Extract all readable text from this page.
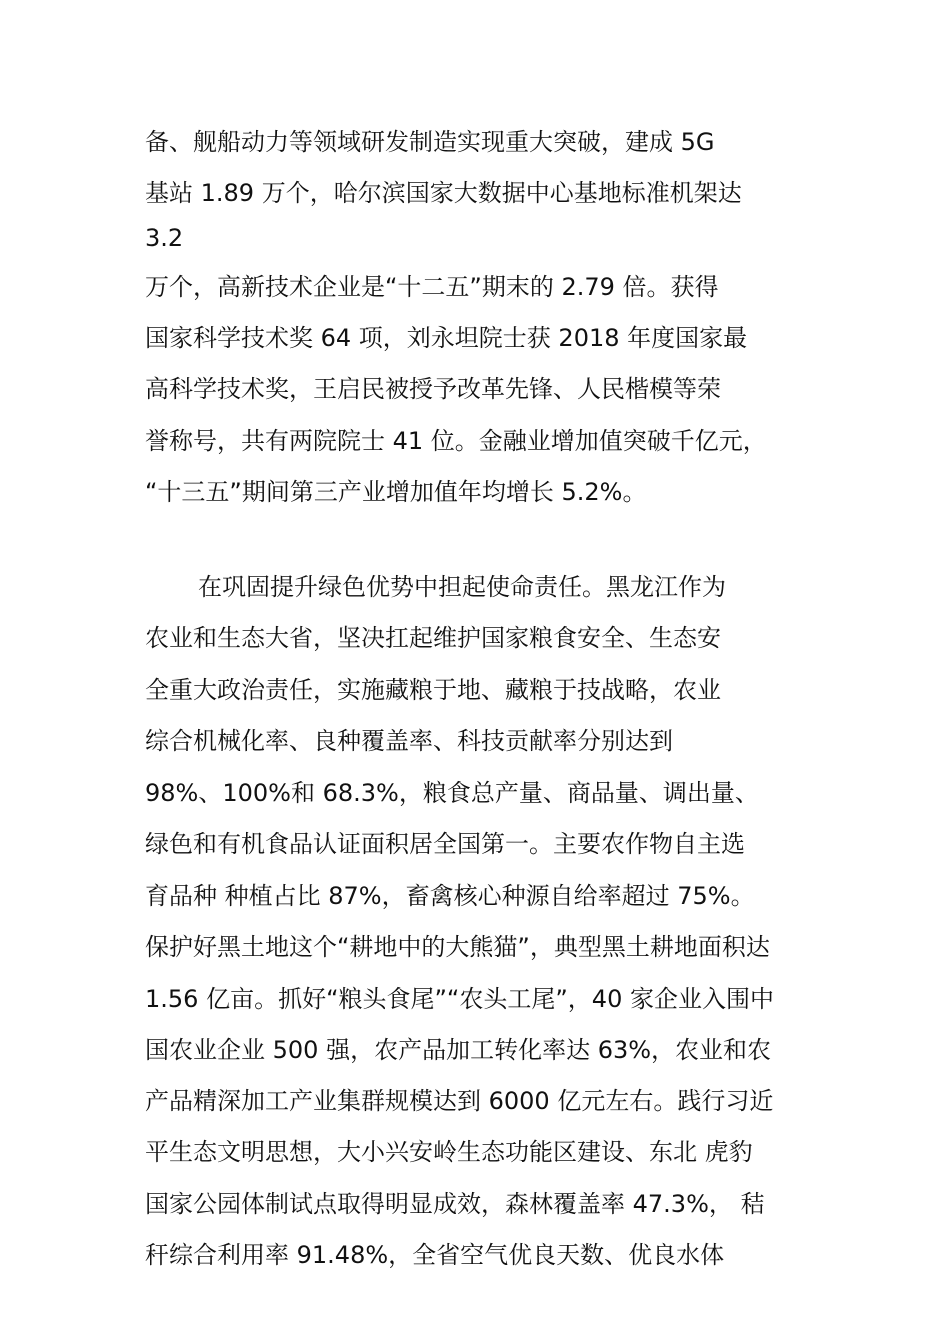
备、舰船动力等领域研发制造实现重大突破，建成 5G

基站 1.89 万个，哈尔滨国家大数据中心基地标准机架达

3.2

万个，高新技术企业是“十二五”期末的 2.79 倍。获得

国家科学技术奖 64 项，刘永坦院士获 2018 年度国家最

高科学技术奖，王启民被授予改革先锋、人民楷模等荣

誉称号，共有两院院士 41 位。金融业增加值突破千亿元，

“十三五”期间第三产业增加值年均增长 5.2%。

在巩固提升绿色优势中担起使命责任。黑龙江作为

农业和生态大省，坚决扛起维护国家粮食安全、生态安

全重大政治责任，实施藏粮于地、藏粮于技战略，农业

综合机械化率、良种覆盖率、科技贡献率分别达到

98%、100%和 68.3%，粮食总产量、商品量、调出量、

绿色和有机食品认证面积居全国第一。主要农作物自主选

育品种 种植占比 87%，畜禽核心种源自给率超过 75%。

保护好黑土地这个“耕地中的大熊猫”，典型黑土耕地面积达

1.56 亿亩。抓好“粮头食尾”“农头工尾”，40 家企业入围中

国农业企业 500 强，农产品加工转化率达 63%，农业和农

产品精深加工产业集群规模达到 6000 亿元左右。践行习近

平生态文明思想，大小兴安岭生态功能区建设、东北 虎豹

国家公园体制试点取得明显成效，森林覆盖率 47.3%， 秸

秆综合利用率 91.48%，全省空气优良天数、优良水体
